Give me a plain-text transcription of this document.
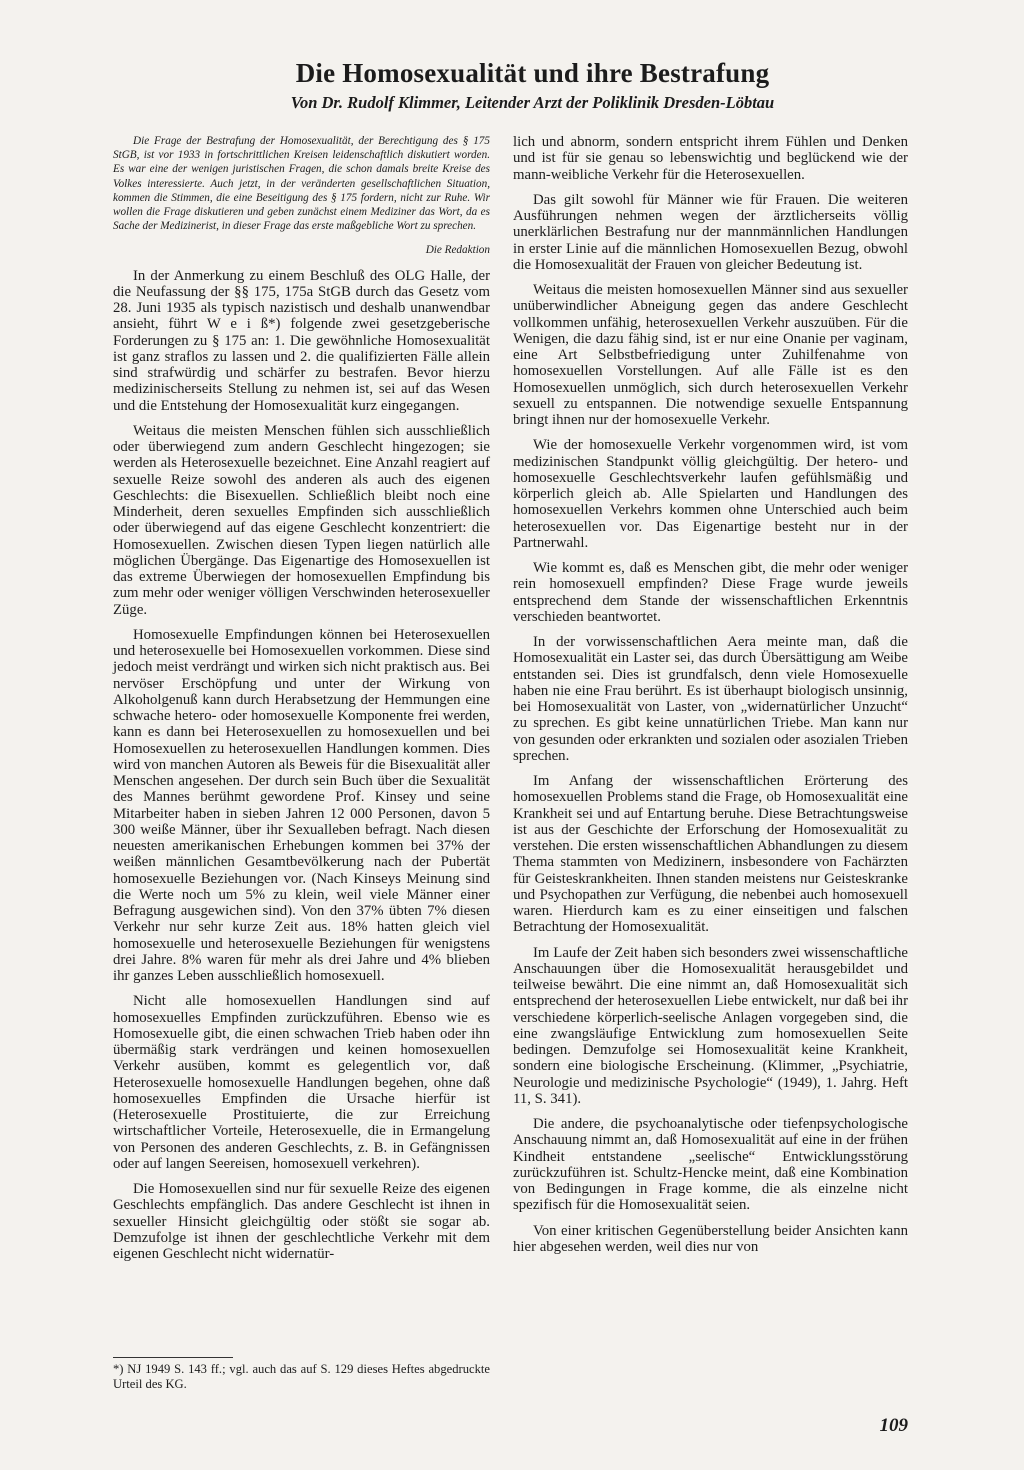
Die Homosexualität und ihre Bestrafung

Von Dr. Rudolf Klimmer, Leitender Arzt der Poliklinik Dresden-Löbtau

Die Frage der Bestrafung der Homosexualität, der Berechtigung des § 175 StGB, ist vor 1933 in fortschrittlichen Kreisen leidenschaftlich diskutiert worden. Es war eine der wenigen juristischen Fragen, die schon damals breite Kreise des Volkes interessierte. Auch jetzt, in der veränderten gesellschaftlichen Situation, kommen die Stimmen, die eine Beseitigung des § 175 fordern, nicht zur Ruhe. Wir wollen die Frage diskutieren und geben zunächst einem Mediziner das Wort, da es Sache der Medizinerist, in dieser Frage das erste maßgebliche Wort zu sprechen.

Die Redaktion

In der Anmerkung zu einem Beschluß des OLG Halle, der die Neufassung der §§ 175, 175a StGB durch das Gesetz vom 28. Juni 1935 als typisch nazistisch und deshalb unanwendbar ansieht, führt W e i ß*) folgende zwei gesetzgeberische Forderungen zu § 175 an: 1. Die gewöhnliche Homosexualität ist ganz straflos zu lassen und 2. die qualifizierten Fälle allein sind strafwürdig und schärfer zu bestrafen. Bevor hierzu medizinischerseits Stellung zu nehmen ist, sei auf das Wesen und die Entstehung der Homosexualität kurz eingegangen.

Weitaus die meisten Menschen fühlen sich ausschließlich oder überwiegend zum andern Geschlecht hingezogen; sie werden als Heterosexuelle bezeichnet. Eine Anzahl reagiert auf sexuelle Reize sowohl des anderen als auch des eigenen Geschlechts: die Bisexuellen. Schließlich bleibt noch eine Minderheit, deren sexuelles Empfinden sich ausschließlich oder überwiegend auf das eigene Geschlecht konzentriert: die Homosexuellen. Zwischen diesen Typen liegen natürlich alle möglichen Übergänge. Das Eigenartige des Homosexuellen ist das extreme Überwiegen der homosexuellen Empfindung bis zum mehr oder weniger völligen Verschwinden heterosexueller Züge.

Homosexuelle Empfindungen können bei Heterosexuellen und heterosexuelle bei Homosexuellen vorkommen. Diese sind jedoch meist verdrängt und wirken sich nicht praktisch aus. Bei nervöser Erschöpfung und unter der Wirkung von Alkoholgenuß kann durch Herabsetzung der Hemmungen eine schwache hetero- oder homosexuelle Komponente frei werden, kann es dann bei Heterosexuellen zu homosexuellen und bei Homosexuellen zu heterosexuellen Handlungen kommen. Dies wird von manchen Autoren als Beweis für die Bisexualität aller Menschen angesehen. Der durch sein Buch über die Sexualität des Mannes berühmt gewordene Prof. Kinsey und seine Mitarbeiter haben in sieben Jahren 12 000 Personen, davon 5 300 weiße Männer, über ihr Sexualleben befragt. Nach diesen neuesten amerikanischen Erhebungen kommen bei 37% der weißen männlichen Gesamtbevölkerung nach der Pubertät homosexuelle Beziehungen vor. (Nach Kinseys Meinung sind die Werte noch um 5% zu klein, weil viele Männer einer Befragung ausgewichen sind). Von den 37% übten 7% diesen Verkehr nur sehr kurze Zeit aus. 18% hatten gleich viel homosexuelle und heterosexuelle Beziehungen für wenigstens drei Jahre. 8% waren für mehr als drei Jahre und 4% blieben ihr ganzes Leben ausschließlich homosexuell.

Nicht alle homosexuellen Handlungen sind auf homosexuelles Empfinden zurückzuführen. Ebenso wie es Homosexuelle gibt, die einen schwachen Trieb haben oder ihn übermäßig stark verdrängen und keinen homosexuellen Verkehr ausüben, kommt es gelegentlich vor, daß Heterosexuelle homosexuelle Handlungen begehen, ohne daß homosexuelles Empfinden die Ursache hierfür ist (Heterosexuelle Prostituierte, die zur Erreichung wirtschaftlicher Vorteile, Heterosexuelle, die in Ermangelung von Personen des anderen Geschlechts, z. B. in Gefängnissen oder auf langen Seereisen, homosexuell verkehren).

Die Homosexuellen sind nur für sexuelle Reize des eigenen Geschlechts empfänglich. Das andere Geschlecht ist ihnen in sexueller Hinsicht gleichgültig oder stößt sie sogar ab. Demzufolge ist ihnen der geschlechtliche Verkehr mit dem eigenen Geschlecht nicht widernatür-

lich und abnorm, sondern entspricht ihrem Fühlen und Denken und ist für sie genau so lebenswichtig und beglückend wie der mann-weibliche Verkehr für die Heterosexuellen.

Das gilt sowohl für Männer wie für Frauen. Die weiteren Ausführungen nehmen wegen der ärztlicherseits völlig unerklärlichen Bestrafung nur der mannmännlichen Handlungen in erster Linie auf die männlichen Homosexuellen Bezug, obwohl die Homosexualität der Frauen von gleicher Bedeutung ist.

Weitaus die meisten homosexuellen Männer sind aus sexueller unüberwindlicher Abneigung gegen das andere Geschlecht vollkommen unfähig, heterosexuellen Verkehr auszuüben. Für die Wenigen, die dazu fähig sind, ist er nur eine Onanie per vaginam, eine Art Selbstbefriedigung unter Zuhilfenahme von homosexuellen Vorstellungen. Auf alle Fälle ist es den Homosexuellen unmöglich, sich durch heterosexuellen Verkehr sexuell zu entspannen. Die notwendige sexuelle Entspannung bringt ihnen nur der homosexuelle Verkehr.

Wie der homosexuelle Verkehr vorgenommen wird, ist vom medizinischen Standpunkt völlig gleichgültig. Der hetero- und homosexuelle Geschlechtsverkehr laufen gefühlsmäßig und körperlich gleich ab. Alle Spielarten und Handlungen des homosexuellen Verkehrs kommen ohne Unterschied auch beim heterosexuellen vor. Das Eigenartige besteht nur in der Partnerwahl.

Wie kommt es, daß es Menschen gibt, die mehr oder weniger rein homosexuell empfinden? Diese Frage wurde jeweils entsprechend dem Stande der wissenschaftlichen Erkenntnis verschieden beantwortet.

In der vorwissenschaftlichen Aera meinte man, daß die Homosexualität ein Laster sei, das durch Übersättigung am Weibe entstanden sei. Dies ist grundfalsch, denn viele Homosexuelle haben nie eine Frau berührt. Es ist überhaupt biologisch unsinnig, bei Homosexualität von Laster, von „widernatürlicher Unzucht“ zu sprechen. Es gibt keine unnatürlichen Triebe. Man kann nur von gesunden oder erkrankten und sozialen oder asozialen Trieben sprechen.

Im Anfang der wissenschaftlichen Erörterung des homosexuellen Problems stand die Frage, ob Homosexualität eine Krankheit sei und auf Entartung beruhe. Diese Betrachtungsweise ist aus der Geschichte der Erforschung der Homosexualität zu verstehen. Die ersten wissenschaftlichen Abhandlungen zu diesem Thema stammten von Medizinern, insbesondere von Fachärzten für Geisteskrankheiten. Ihnen standen meistens nur Geisteskranke und Psychopathen zur Verfügung, die nebenbei auch homosexuell waren. Hierdurch kam es zu einer einseitigen und falschen Betrachtung der Homosexualität.

Im Laufe der Zeit haben sich besonders zwei wissenschaftliche Anschauungen über die Homosexualität herausgebildet und teilweise bewährt. Die eine nimmt an, daß Homosexualität sich entsprechend der heterosexuellen Liebe entwickelt, nur daß bei ihr verschiedene körperlich-seelische Anlagen vorgegeben sind, die eine zwangsläufige Entwicklung zum homosexuellen Seite bedingen. Demzufolge sei Homosexualität keine Krankheit, sondern eine biologische Erscheinung. (Klimmer, „Psychiatrie, Neurologie und medizinische Psychologie“ (1949), 1. Jahrg. Heft 11, S. 341).

Die andere, die psychoanalytische oder tiefenpsychologische Anschauung nimmt an, daß Homosexualität auf eine in der frühen Kindheit entstandene „seelische“ Entwicklungsstörung zurückzuführen ist. Schultz-Hencke meint, daß eine Kombination von Bedingungen in Frage komme, die als einzelne nicht spezifisch für die Homosexualität seien.

Von einer kritischen Gegenüberstellung beider Ansichten kann hier abgesehen werden, weil dies nur von

*) NJ 1949 S. 143 ff.; vgl. auch das auf S. 129 dieses Heftes abgedruckte Urteil des KG.

109
